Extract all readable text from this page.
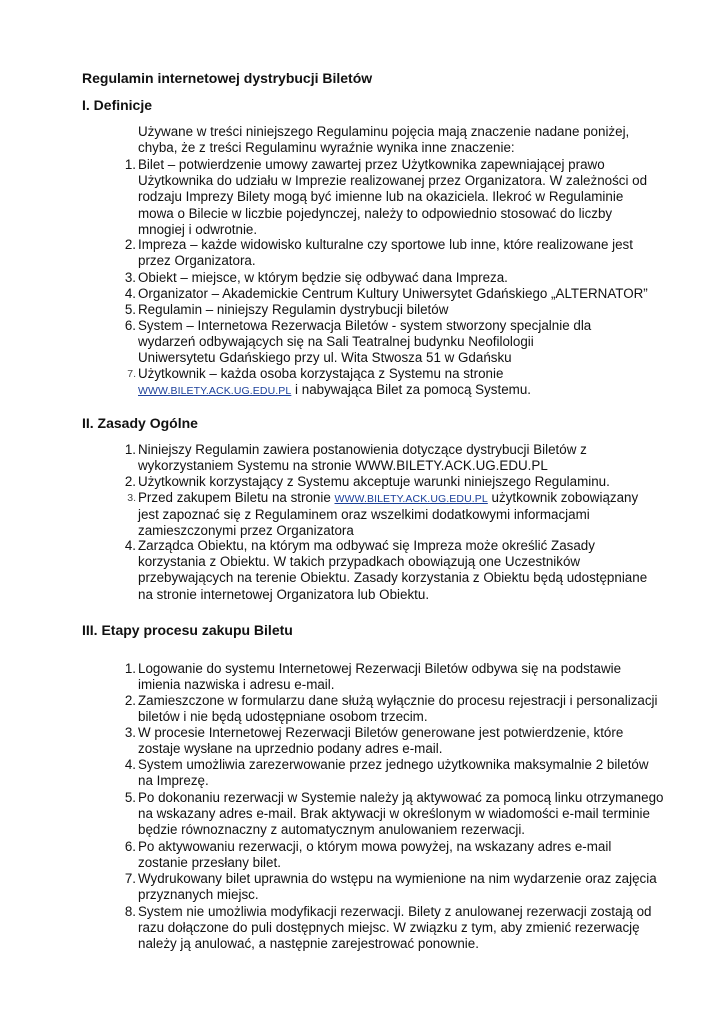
Regulamin internetowej dystrybucji Biletów
I. Definicje
Używane w treści niniejszego Regulaminu pojęcia mają znaczenie nadane poniżej, chyba, że z treści Regulaminu wyraźnie wynika inne znaczenie:
1. Bilet – potwierdzenie umowy zawartej przez Użytkownika zapewniającej prawo Użytkownika do udziału w Imprezie realizowanej przez Organizatora. W zależności od rodzaju Imprezy Bilety mogą być imienne lub na okaziciela. Ilekroć w Regulaminie mowa o Bilecie w liczbie pojedynczej, należy to odpowiednio stosować do liczby mnogiej i odwrotnie.
2. Impreza – każde widowisko kulturalne czy sportowe lub inne, które realizowane jest przez Organizatora.
3. Obiekt – miejsce, w którym będzie się odbywać dana Impreza.
4. Organizator – Akademickie Centrum Kultury Uniwersytet Gdańskiego „ALTERNATOR”
5. Regulamin – niniejszy Regulamin dystrybucji biletów
6. System – Internetowa Rezerwacja Biletów - system stworzony specjalnie dla wydarzeń odbywających się na Sali Teatralnej budynku Neofilologii Uniwersytetu Gdańskiego przy ul. Wita Stwosza 51 w Gdańsku
7. Użytkownik – każda osoba korzystająca z Systemu na stronie
WWW.BILETY.ACK.UG.EDU.PL i nabywająca Bilet za pomocą Systemu.
II. Zasady Ogólne
1. Niniejszy Regulamin zawiera postanowienia dotyczące dystrybucji Biletów z wykorzystaniem Systemu na stronie WWW.BILETY.ACK.UG.EDU.PL
2. Użytkownik korzystający z Systemu akceptuje warunki niniejszego Regulaminu.
3. Przed zakupem Biletu na stronie WWW.BILETY.ACK.UG.EDU.PL użytkownik zobowiązany jest zapoznać się z Regulaminem oraz wszelkimi dodatkowymi informacjami zamieszczonymi przez Organizatora
4. Zarządca Obiektu, na którym ma odbywać się Impreza może określić Zasady korzystania z Obiektu. W takich przypadkach obowiązują one Uczestników przebywających na terenie Obiektu. Zasady korzystania z Obiektu będą udostępniane na stronie internetowej Organizatora lub Obiektu.
III. Etapy procesu zakupu Biletu
1. Logowanie do systemu Internetowej Rezerwacji Biletów odbywa się na podstawie imienia nazwiska i adresu e-mail.
2. Zamieszczone w formularzu dane służą wyłącznie do procesu rejestracji i personalizacji biletów i nie będą udostępniane osobom trzecim.
3. W procesie Internetowej Rezerwacji Biletów generowane jest potwierdzenie, które zostaje wysłane na uprzednio podany adres e-mail.
4. System umożliwia zarezerwowanie przez jednego użytkownika maksymalnie 2 biletów na Imprezę.
5. Po dokonaniu rezerwacji w Systemie należy ją aktywować za pomocą linku otrzymanego na wskazany adres e-mail. Brak aktywacji w określonym w wiadomości e-mail terminie będzie równoznaczny z automatycznym anulowaniem rezerwacji.
6. Po aktywowaniu rezerwacji, o którym mowa powyżej, na wskazany adres e-mail zostanie przesłany bilet.
7. Wydrukowany bilet uprawnia do wstępu na wymienione na nim wydarzenie oraz zajęcia przyznanych miejsc.
8. System nie umożliwia modyfikacji rezerwacji. Bilety z anulowanej rezerwacji zostają od razu dołączone do puli dostępnych miejsc. W związku z tym, aby zmienić rezerwację należy ją anulować, a następnie zarejestrować ponownie.
